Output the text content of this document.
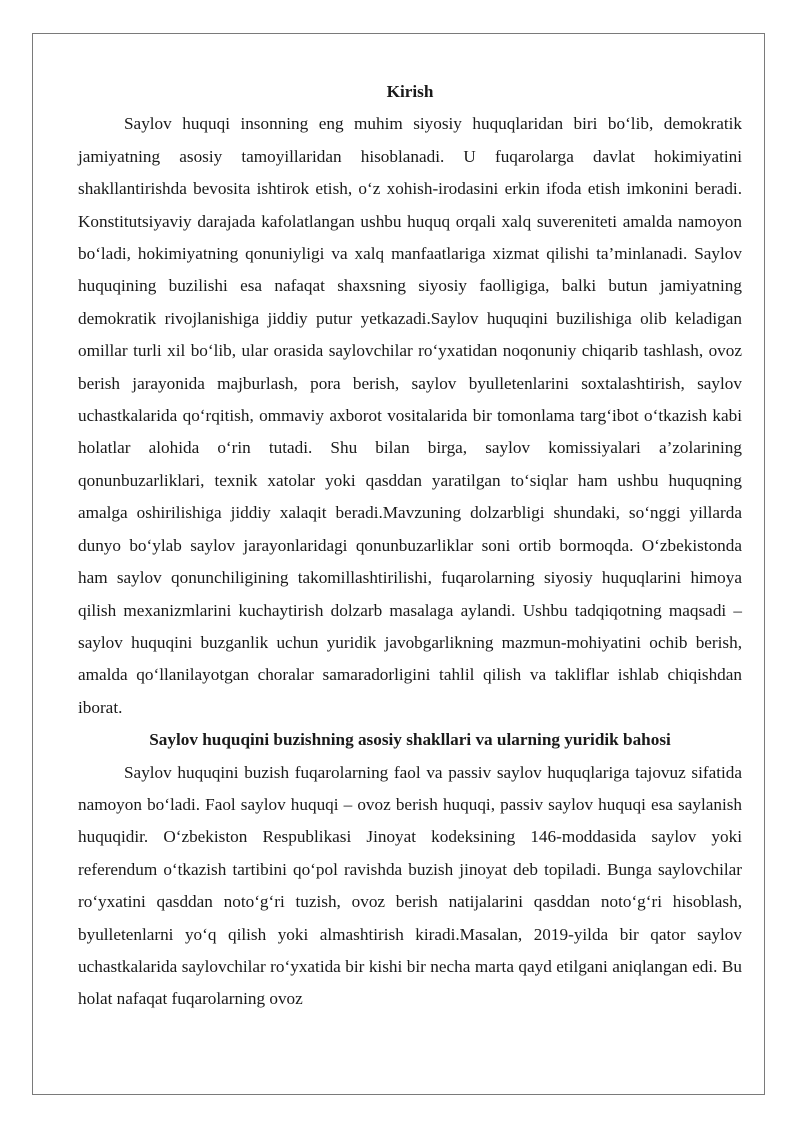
Kirish

Saylov huquqi insonning eng muhim siyosiy huquqlaridan biri bo‘lib, demokratik jamiyatning asosiy tamoyillaridan hisoblanadi. U fuqarolarga davlat hokimiyatini shakllantirishda bevosita ishtirok etish, o‘z xohish-irodasini erkin ifoda etish imkonini beradi. Konstitutsiyaviy darajada kafolatlangan ushbu huquq orqali xalq suvereniteti amalda namoyon bo‘ladi, hokimiyatning qonuniyligi va xalq manfaatlariga xizmat qilishi ta’minlanadi. Saylov huquqining buzilishi esa nafaqat shaxsning siyosiy faolligiga, balki butun jamiyatning demokratik rivojlanishiga jiddiy putur yetkazadi.Saylov huquqini buzilishiga olib keladigan omillar turli xil bo‘lib, ular orasida saylovchilar ro‘yxatidan noqonuniy chiqarib tashlash, ovoz berish jarayonida majburlash, pora berish, saylov byulletenlarini soxtalashtirish, saylov uchastkalarida qo‘rqitish, ommaviy axborot vositalarida bir tomonlama targ‘ibot o‘tkazish kabi holatlar alohida o‘rin tutadi. Shu bilan birga, saylov komissiyalari a’zolarining qonunbuzarliklari, texnik xatolar yoki qasddan yaratilgan to‘siqlar ham ushbu huquqning amalga oshirilishiga jiddiy xalaqit beradi.Mavzuning dolzarbligi shundaki, so‘nggi yillarda dunyo bo‘ylab saylov jarayonlaridagi qonunbuzarliklar soni ortib bormoqda. O‘zbekistonda ham saylov qonunchiligining takomillashtirilishi, fuqarolarning siyosiy huquqlarini himoya qilish mexanizmlarini kuchaytirish dolzarb masalaga aylandi. Ushbu tadqiqotning maqsadi – saylov huquqini buzganlik uchun yuridik javobgarlikning mazmun-mohiyatini ochib berish, amalda qo‘llanilayotgan choralar samaradorligini tahlil qilish va takliflar ishlab chiqishdan iborat.

Saylov huquqini buzishning asosiy shakllari va ularning yuridik bahosi

Saylov huquqini buzish fuqarolarning faol va passiv saylov huquqlariga tajovuz sifatida namoyon bo‘ladi. Faol saylov huquqi – ovoz berish huquqi, passiv saylov huquqi esa saylanish huquqidir. O‘zbekiston Respublikasi Jinoyat kodeksining 146-moddasida saylov yoki referendum o‘tkazish tartibini qo‘pol ravishda buzish jinoyat deb topiladi. Bunga saylovchilar ro‘yxatini qasddan noto‘g‘ri tuzish, ovoz berish natijalarini qasddan noto‘g‘ri hisoblash, byulletenlarni yo‘q qilish yoki almashtirish kiradi.Masalan, 2019-yilda bir qator saylov uchastkalarida saylovchilar ro‘yxatida bir kishi bir necha marta qayd etilgani aniqlangan edi. Bu holat nafaqat fuqarolarning ovoz
